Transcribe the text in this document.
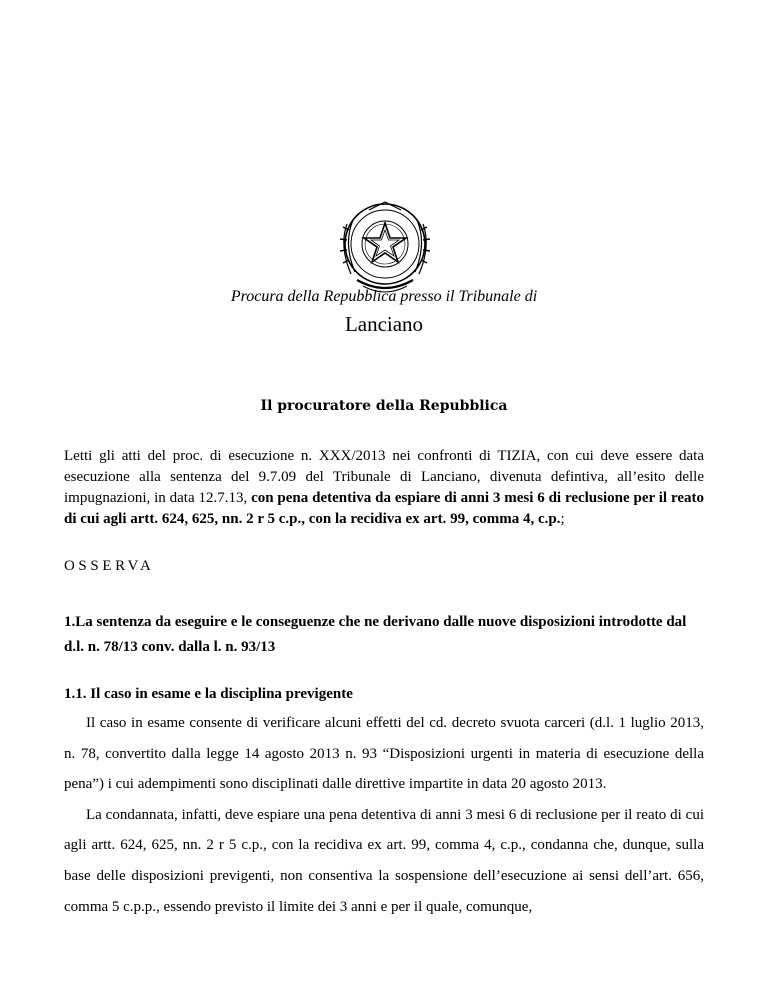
Procura della Repubblica presso il Tribunale di
Lanciano
Il procuratore della Repubblica
Letti gli atti del proc. di esecuzione n. XXX/2013 nei confronti di TIZIA, con cui deve essere data esecuzione alla sentenza del 9.7.09 del Tribunale di Lanciano, divenuta defintiva, all’esito delle impugnazioni, in data 12.7.13, con pena detentiva da espiare di anni 3 mesi 6 di reclusione per il reato di cui agli artt. 624, 625, nn. 2 r 5 c.p., con la recidiva ex art. 99, comma 4, c.p.;
OSSERVA
1.La sentenza da eseguire e le conseguenze che ne derivano dalle nuove disposizioni introdotte dal d.l. n. 78/13 conv. dalla l. n. 93/13
1.1. Il caso in esame e la disciplina previgente

Il caso in esame consente di verificare alcuni effetti del cd. decreto svuota carceri (d.l. 1 luglio 2013, n. 78, convertito dalla legge 14 agosto 2013 n. 93 “Disposizioni urgenti in materia di esecuzione della pena”) i cui adempimenti sono disciplinati dalle direttive impartite in data 20 agosto 2013.

La condannata, infatti, deve espiare una pena detentiva di anni 3 mesi 6 di reclusione per il reato di cui agli artt. 624, 625, nn. 2 r 5 c.p., con la recidiva ex art. 99, comma 4, c.p., condanna che, dunque, sulla base delle disposizioni previgenti, non consentiva la sospensione dell’esecuzione ai sensi dell’art. 656, comma 5 c.p.p., essendo previsto il limite dei 3 anni e per il quale, comunque,
